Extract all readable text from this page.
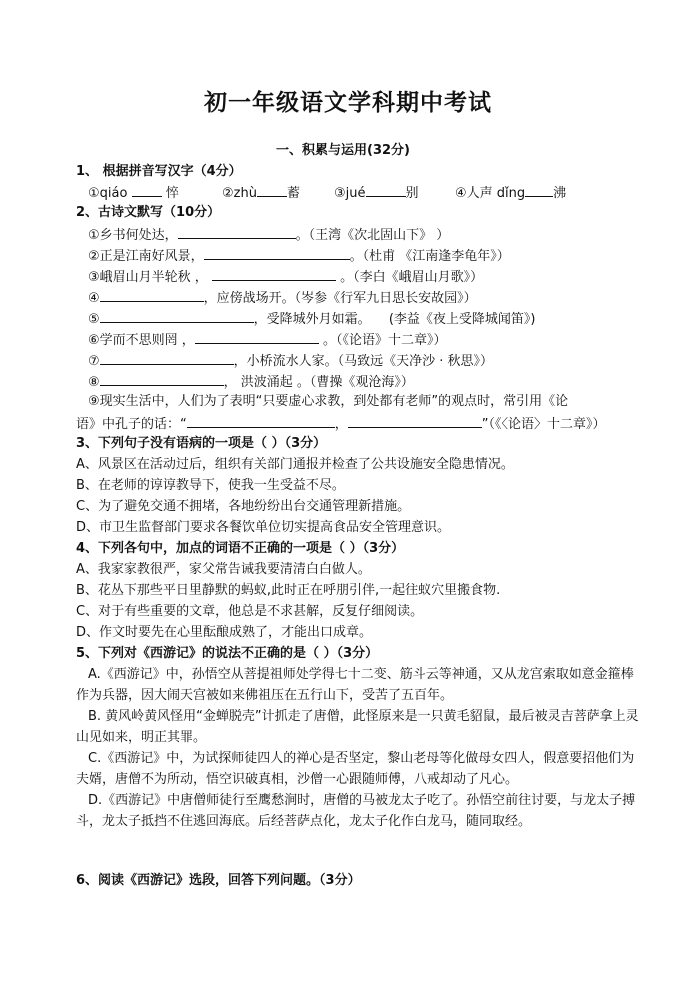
初一年级语文学科期中考试
一、积累与运用(32分)
1、 根据拼音写汉字（4分）
①qiáo	悴	②zhù 蓄	③jué	别	④人声 dǐng 沸
2、古诗文默写（10分）
①乡书何处达，	。（王湾《次北固山下》 ）
②正是江南好风景，	。（杜甫 《江南逢李龟年》）
③峨眉山月半轮秋 ，	。（李白《峨眉山月歌》）
④	，应傍战场开。（岑参《行军九日思长安故园》）
⑤	，受降城外月如霜。 (李益《夜上受降城闻笛》)
⑥学而不思则罔 ，	。（《论语》十二章》）
⑦	，小桥流水人家。（马致远《天净沙 · 秋思》）
⑧	， 洪波涌起 。（曹操《观沧海》）
⑨现实生活中，人们为了表明“只要虚心求教，到处都有老师”的观点时，常引用《论
语》中孔子的话：“	，	”（《〈论语〉十二章》）
3、下列句子没有语病的一项是（ ）（3分）
A、风景区在活动过后，组织有关部门通报并检查了公共设施安全隐患情况。
B、在老师的谆谆教导下，使我一生受益不尽。
C、为了避免交通不拥堵，各地纷纷出台交通管理新措施。
D、市卫生监督部门要求各餐饮单位切实提高食品安全管理意识。
4、下列各句中，加点的词语不正确的一项是（ ）（3分）
A、我家家教很严，家父常告诫我要清清白白做人。
B、花丛下那些平日里静默的蚂蚁,此时正在呼朋引伴,一起往蚁穴里搬食物.
C、对于有些重要的文章，他总是不求甚解，反复仔细阅读。
D、作文时要先在心里酝酿成熟了，才能出口成章。
5、下列对《西游记》的说法不正确的是（ ）（3分）
A.《西游记》中，孙悟空从菩提祖师处学得七十二变、筋斗云等神通，又从龙宫索取如意金箍棒作为兵器，因大闹天宫被如来佛祖压在五行山下，受苦了五百年。
B. 黄风岭黄风怪用“金蝉脱壳”计抓走了唐僧，此怪原来是一只黄毛貂鼠，最后被灵吉菩萨拿上灵山见如来，明正其罪。
C.《西游记》中，为试探师徒四人的禅心是否坚定，黎山老母等化做母女四人，假意要招他们为夫婿，唐僧不为所动，悟空识破真相，沙僧一心跟随师傅，八戒却动了凡心。
D.《西游记》中唐僧师徒行至鹰愁涧时，唐僧的马被龙太子吃了。孙悟空前往讨要，与龙太子搏斗，龙太子抵挡不住逃回海底。后经菩萨点化，龙太子化作白龙马，随同取经。
6、阅读《西游记》选段，回答下列问题。（3分）
